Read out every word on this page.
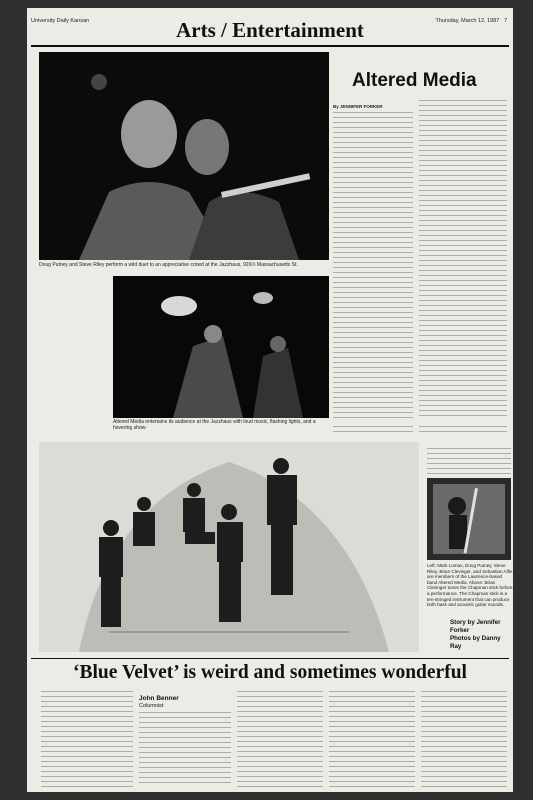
University Daily Kansan	Thursday, March 12, 1987 7
Arts / Entertainment
Doug Putney and Steve Riley perform a wild duet to an appreciative crowd at the Jazzhaus, 926½ Massachusetts St.
Altered Media entertains its audience at the Jazzhaus with loud music, flashing lights, and a hovering show-
Altered Media
By JENNIFER FORKER
Left: Mark Lomax, Doug Putney, Steve Riley, Brian Clevinger, and Sebastian Alfie are members of the Lawrence-based band Altered Media. Above: Brian Clevinger tunes the Chapman stick before a performance. The Chapman stick is a ten-stringed instrument that can produce both bass and acoustic guitar sounds.
Story by Jennifer Forker
Photos by Danny Ray
‘Blue Velvet’ is weird and sometimes wonderful
John Benner
Columnist
